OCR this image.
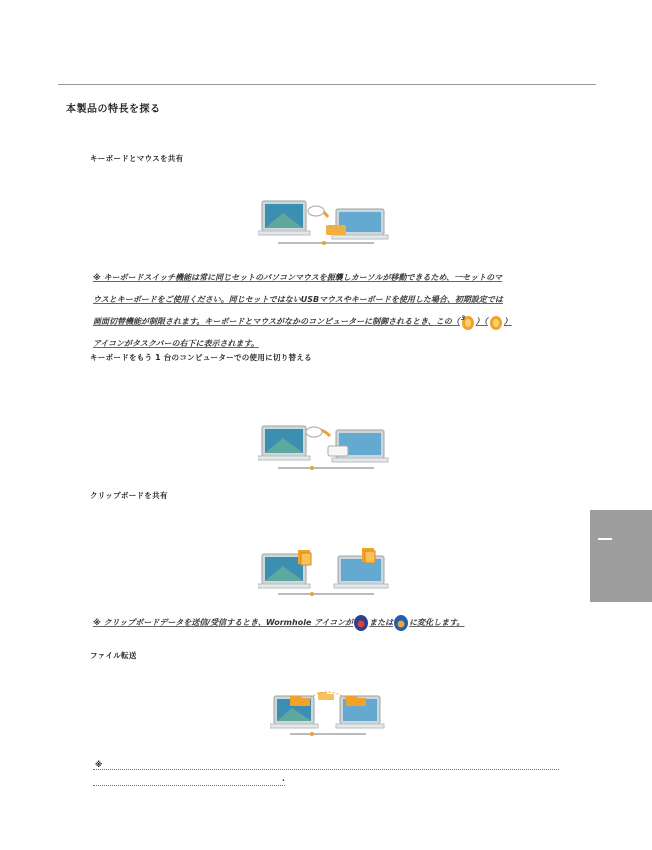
本製品の特長を探る
キーボードとマウスを共有
※ キーボードスイッチ機能は常に同じセットのパソコンマウスを振襲しカーソルが移動できるため、一セットのマ
ウスとキーボードをご使用ください。同じセットではないUSBマウスやキーボードを使用した場合、初期設定では
画面切替機能が制限されます。キーボードとマウスがなかのコンピューターに制御されるとき、この（ 3 ）（ ）
アイコンがタスクバーの右下に表示されます。
キーボードをもう 1 台のコンピューターでの使用に切り替える
クリップボードを共有
※ クリップボードデータを送信/受信するとき、Wormhole アイコンが または に変化します。
ファイル転送
※
.
